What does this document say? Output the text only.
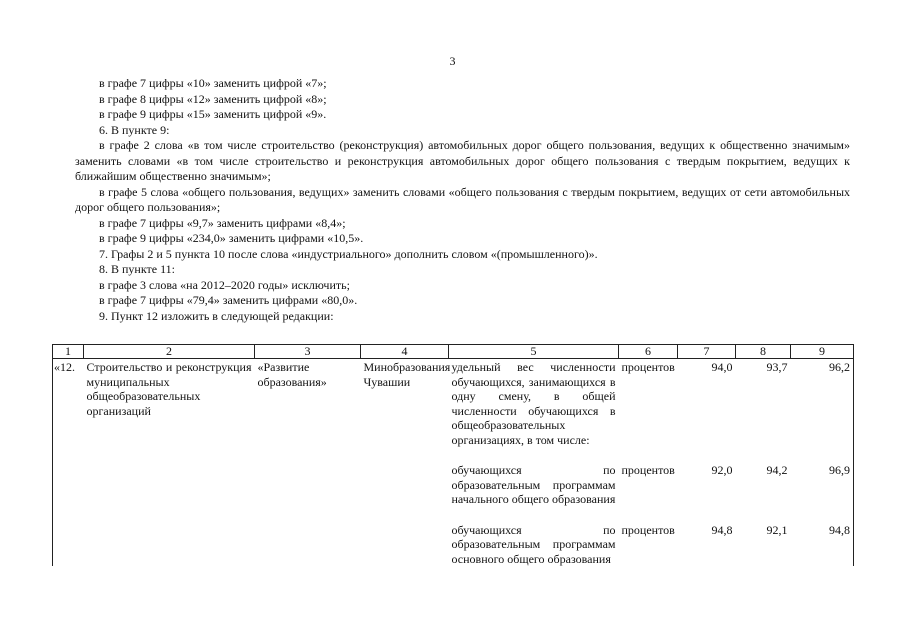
3

в графе 7 цифры «10» заменить цифрой «7»;

в графе 8 цифры «12» заменить цифрой «8»;

в графе 9 цифры «15» заменить цифрой «9».

6. В пункте 9:

в графе 2 слова «в том числе строительство (реконструкция) автомобильных дорог общего пользования, ведущих к общественно значимым» заменить словами «в том числе строительство и реконструкция автомобильных дорог общего пользования с твердым покрытием, ведущих к ближайшим общественно значимым»;

в графе 5 слова «общего пользования, ведущих» заменить словами «общего пользования с твердым покрытием, ведущих от сети автомобильных дорог общего пользования»;

в графе 7 цифры «9,7» заменить цифрами «8,4»;

в графе 9 цифры «234,0» заменить цифрами «10,5».

7. Графы 2 и 5 пункта 10 после слова «индустриального» дополнить словом «(промышленного)».

8. В пункте 11:

в графе 3 слова «на 2012–2020 годы» исключить;

в графе 7 цифры «79,4» заменить цифрами «80,0».

9. Пункт 12 изложить в следующей редакции:

1	2	3	4	5	6	7	8	9
«12.	Строительство и реконструкция муниципальных общеобразовательных организаций	«Развитие образования»	Минобразования Чувашии	удельный вес численности обучающихся, занимающихся в одну смену, в общей численности обучающихся в общеобразовательных организациях, в том числе:	процентов	94,0	93,7	96,2

				обучающихся по образовательным программам начального общего образования	процентов	92,0	94,2	96,9

				обучающихся по образовательным программам основного общего образования	процентов	94,8	92,1	94,8
